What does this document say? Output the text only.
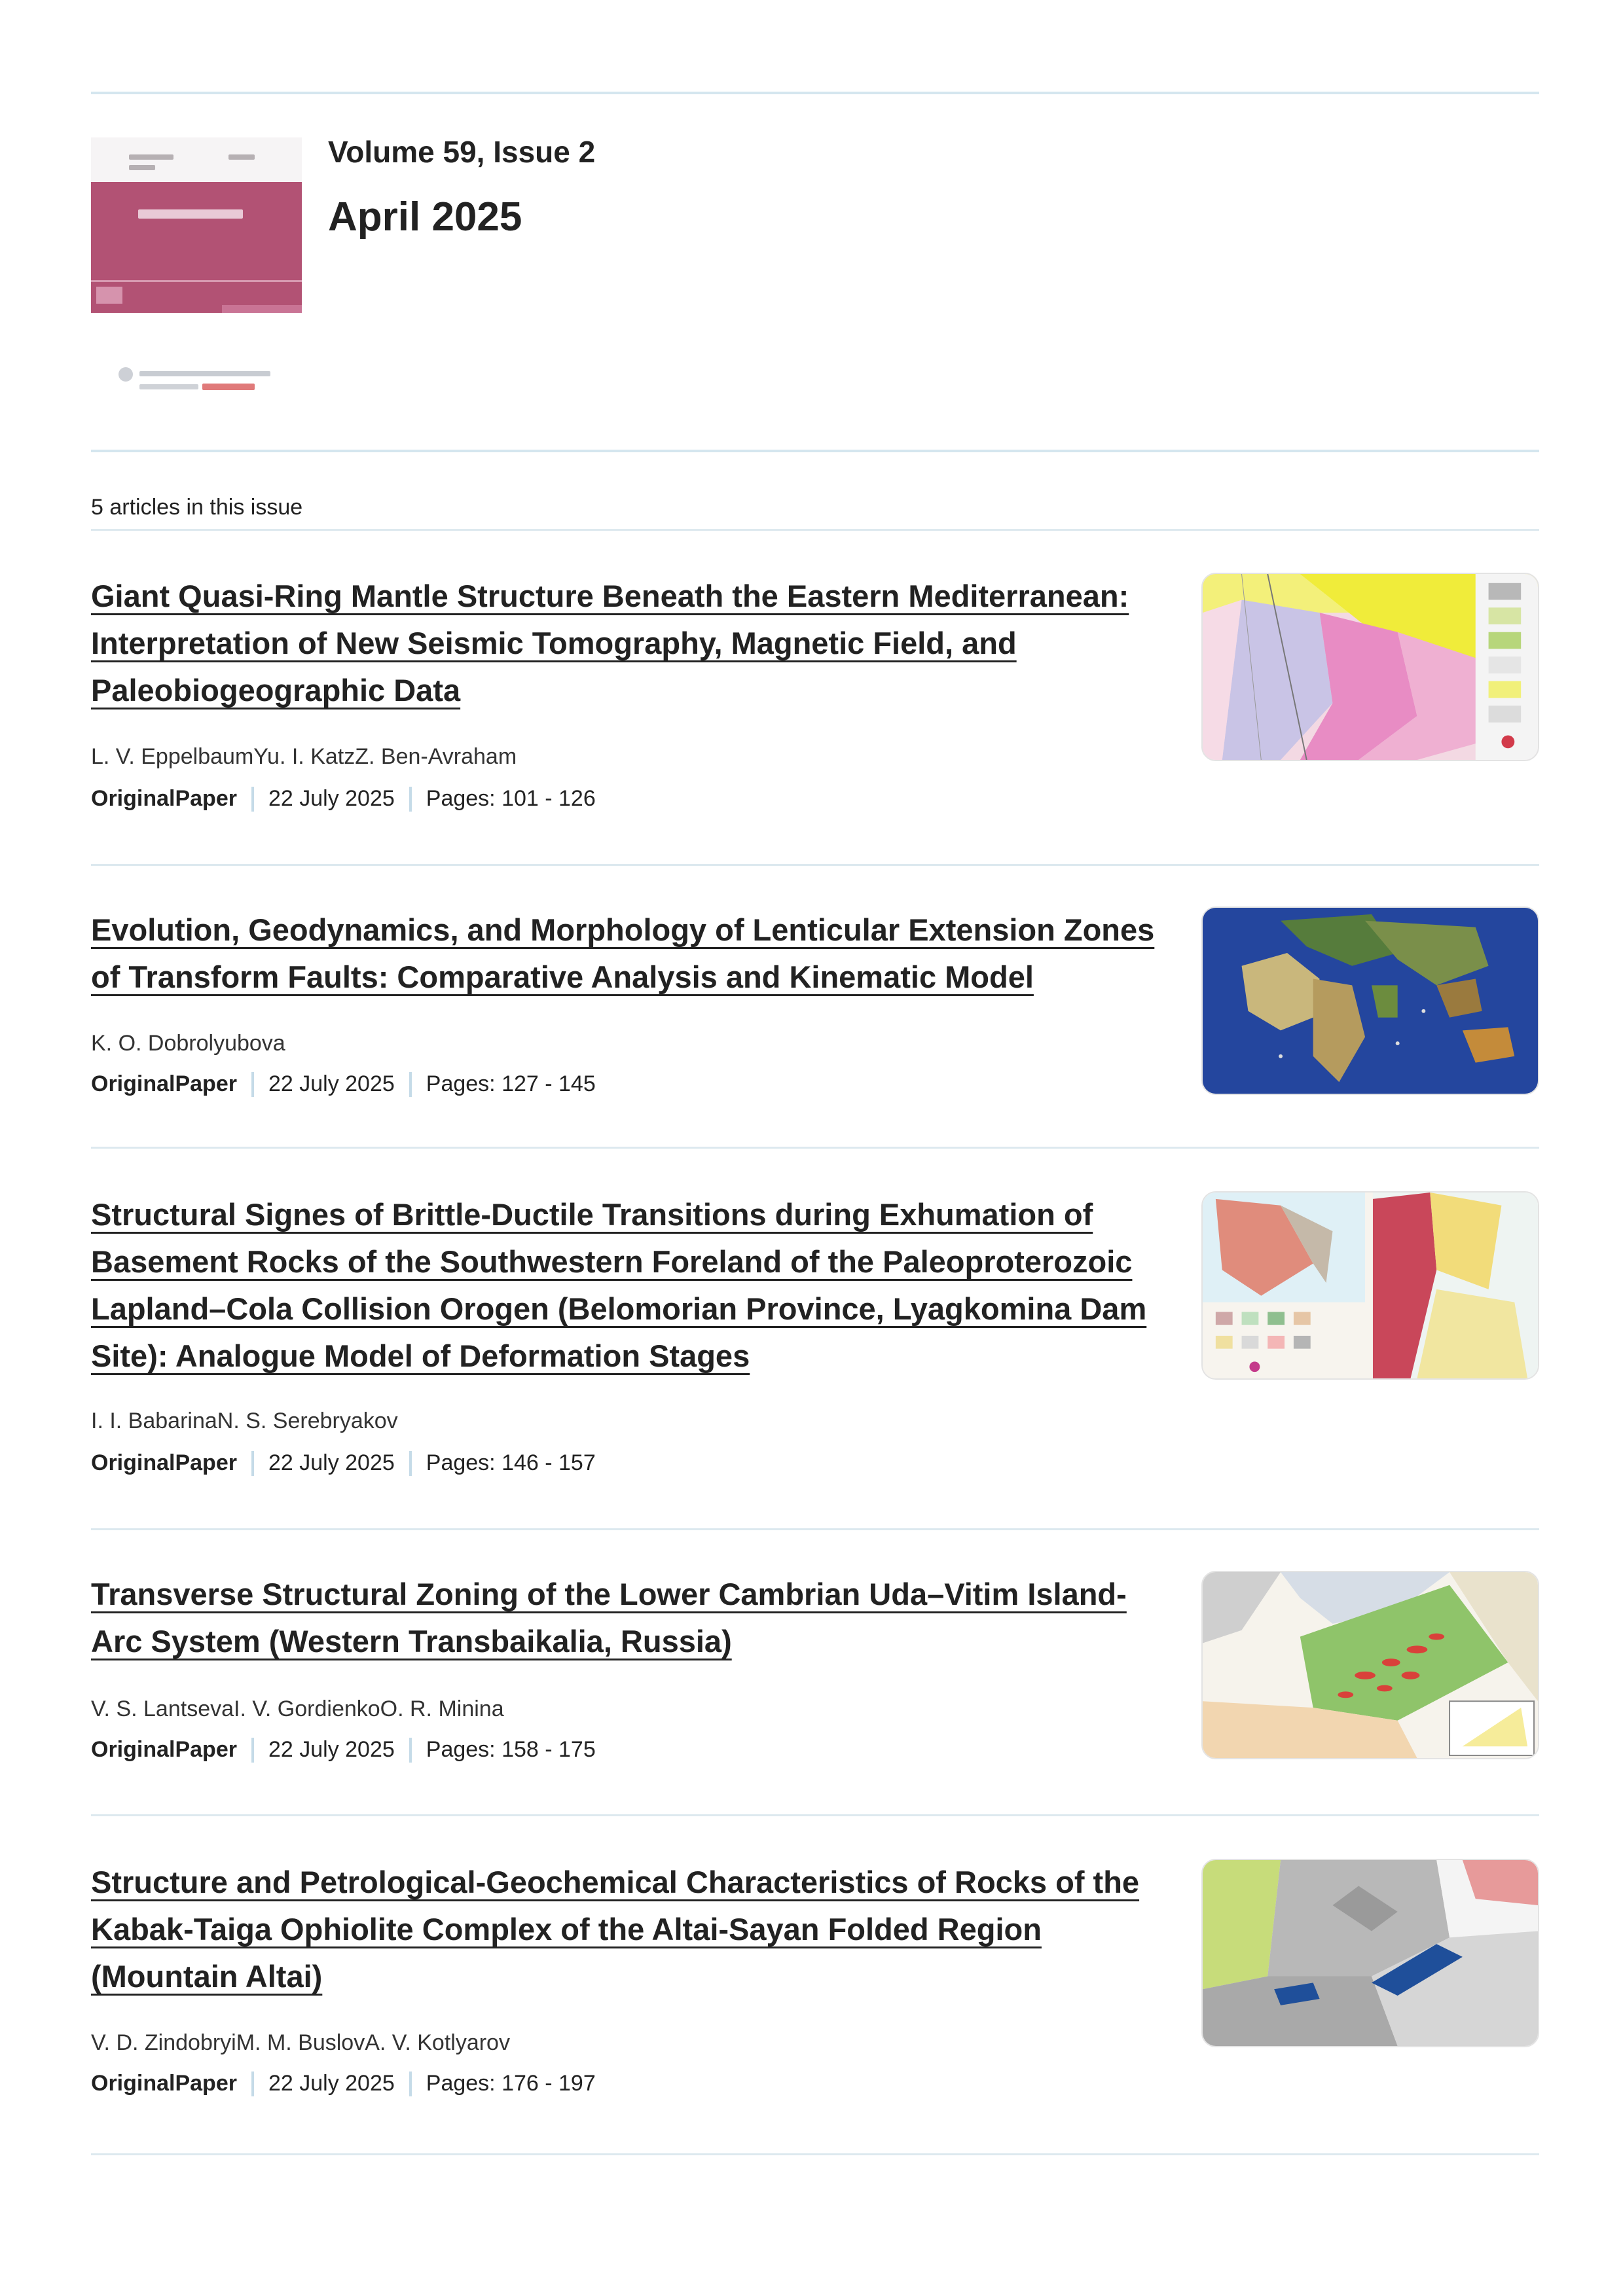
Volume 59, Issue 2
April 2025
5 articles in this issue
Giant Quasi-Ring Mantle Structure Beneath the Eastern Mediterranean: Interpretation of New Seismic Tomography, Magnetic Field, and Paleobiogeographic Data
L. V. EppelbaumYu. I. KatzZ. Ben-Avraham
OriginalPaper 22 July 2025 Pages: 101 - 126
Evolution, Geodynamics, and Morphology of Lenticular Extension Zones of Transform Faults: Comparative Analysis and Kinematic Model
K. O. Dobrolyubova
OriginalPaper 22 July 2025 Pages: 127 - 145
Structural Signes of Brittle-Ductile Transitions during Exhumation of Basement Rocks of the Southwestern Foreland of the Paleoproterozoic Lapland–Cola Collision Orogen (Belomorian Province, Lyagkomina Dam Site): Analogue Model of Deformation Stages
I. I. BabarinaN. S. Serebryakov
OriginalPaper 22 July 2025 Pages: 146 - 157
Transverse Structural Zoning of the Lower Cambrian Uda–Vitim Island-Arc System (Western Transbaikalia, Russia)
V. S. LantsevaI. V. GordienkoO. R. Minina
OriginalPaper 22 July 2025 Pages: 158 - 175
Structure and Petrological-Geochemical Characteristics of Rocks of the Kabak-Taiga Ophiolite Complex of the Altai-Sayan Folded Region (Mountain Altai)
V. D. ZindobryiM. M. BuslovA. V. Kotlyarov
OriginalPaper 22 July 2025 Pages: 176 - 197
